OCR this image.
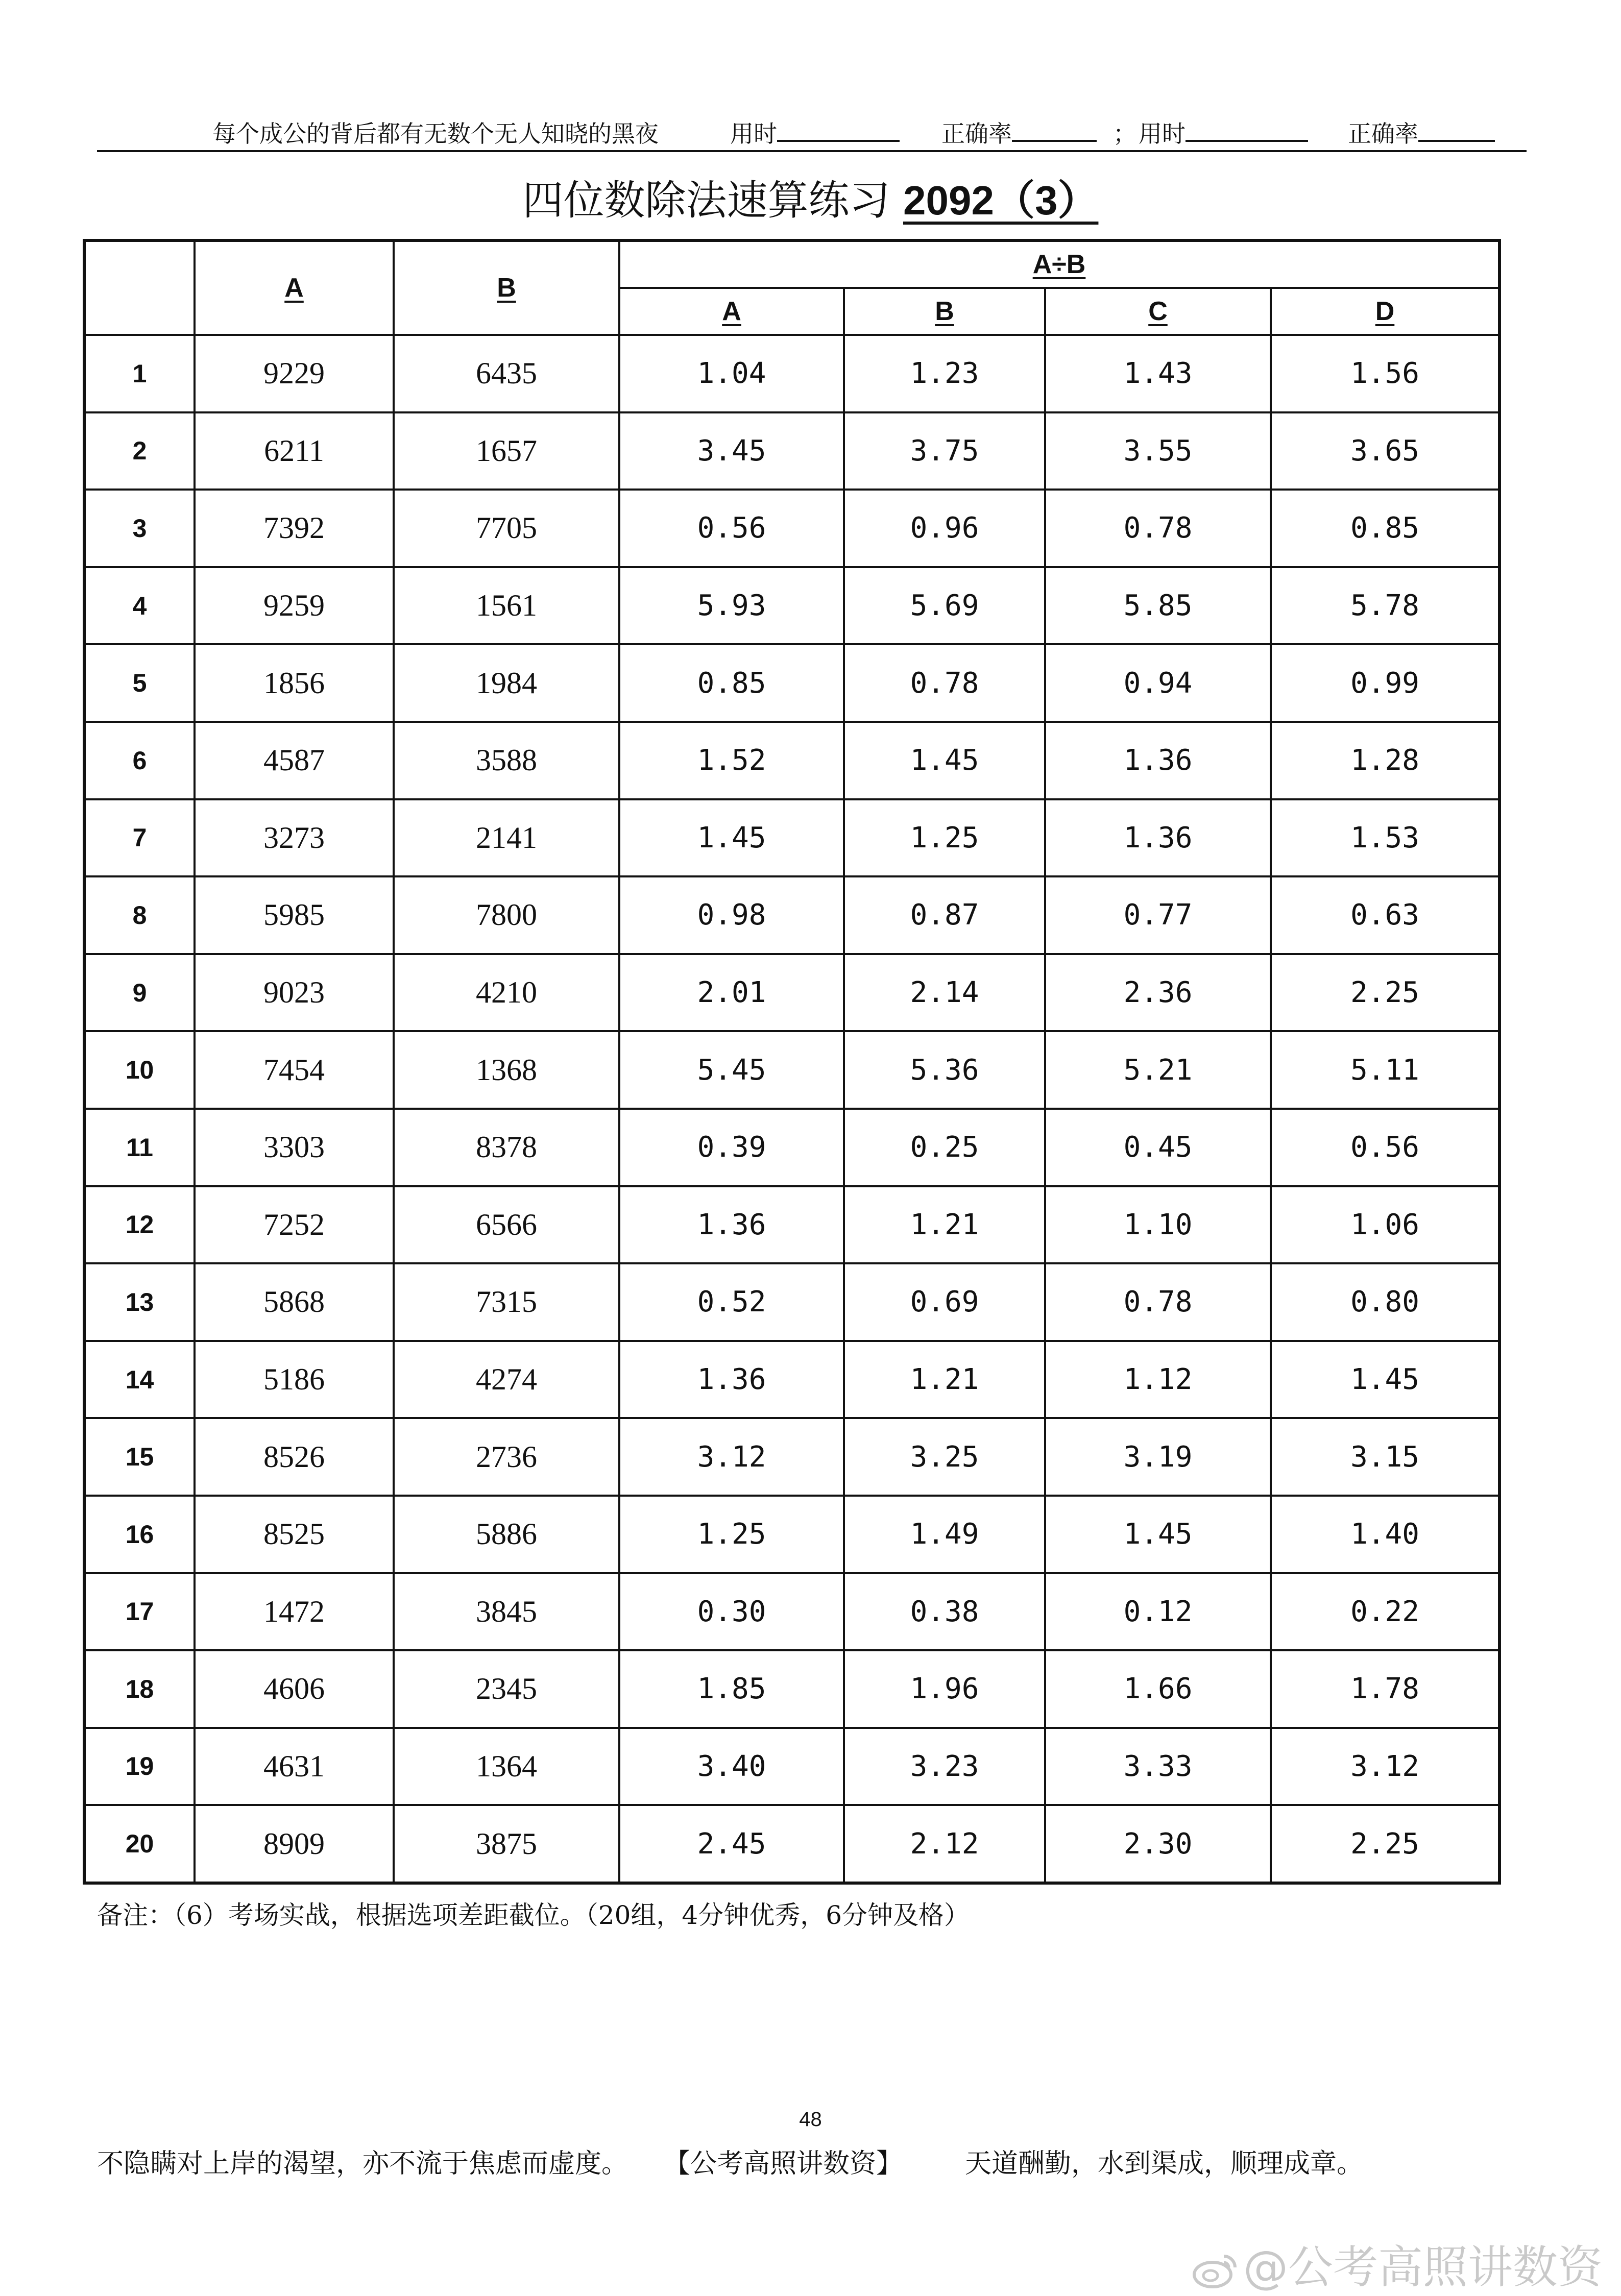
每个成公的背后都有无数个无人知晓的黑夜	用时	正确率	； 用时	正确率
四位数除法速算练习 2092（3）
	A	B	A÷B			
			A	B	C	D
1	9229	6435	1.04	1.23	1.43	1.56
2	6211	1657	3.45	3.75	3.55	3.65
3	7392	7705	0.56	0.96	0.78	0.85
4	9259	1561	5.93	5.69	5.85	5.78
5	1856	1984	0.85	0.78	0.94	0.99
6	4587	3588	1.52	1.45	1.36	1.28
7	3273	2141	1.45	1.25	1.36	1.53
8	5985	7800	0.98	0.87	0.77	0.63
9	9023	4210	2.01	2.14	2.36	2.25
10	7454	1368	5.45	5.36	5.21	5.11
11	3303	8378	0.39	0.25	0.45	0.56
12	7252	6566	1.36	1.21	1.10	1.06
13	5868	7315	0.52	0.69	0.78	0.80
14	5186	4274	1.36	1.21	1.12	1.45
15	8526	2736	3.12	3.25	3.19	3.15
16	8525	5886	1.25	1.49	1.45	1.40
17	1472	3845	0.30	0.38	0.12	0.22
18	4606	2345	1.85	1.96	1.66	1.78
19	4631	1364	3.40	3.23	3.33	3.12
20	8909	3875	2.45	2.12	2.30	2.25
备注：（6）考场实战，根据选项差距截位。（20组，4分钟优秀，6分钟及格）
48
不隐瞒对上岸的渴望，亦不流于焦虑而虚度。 【公考高照讲数资】 天道酬勤，水到渠成，顺理成章。
@公考高照讲数资
